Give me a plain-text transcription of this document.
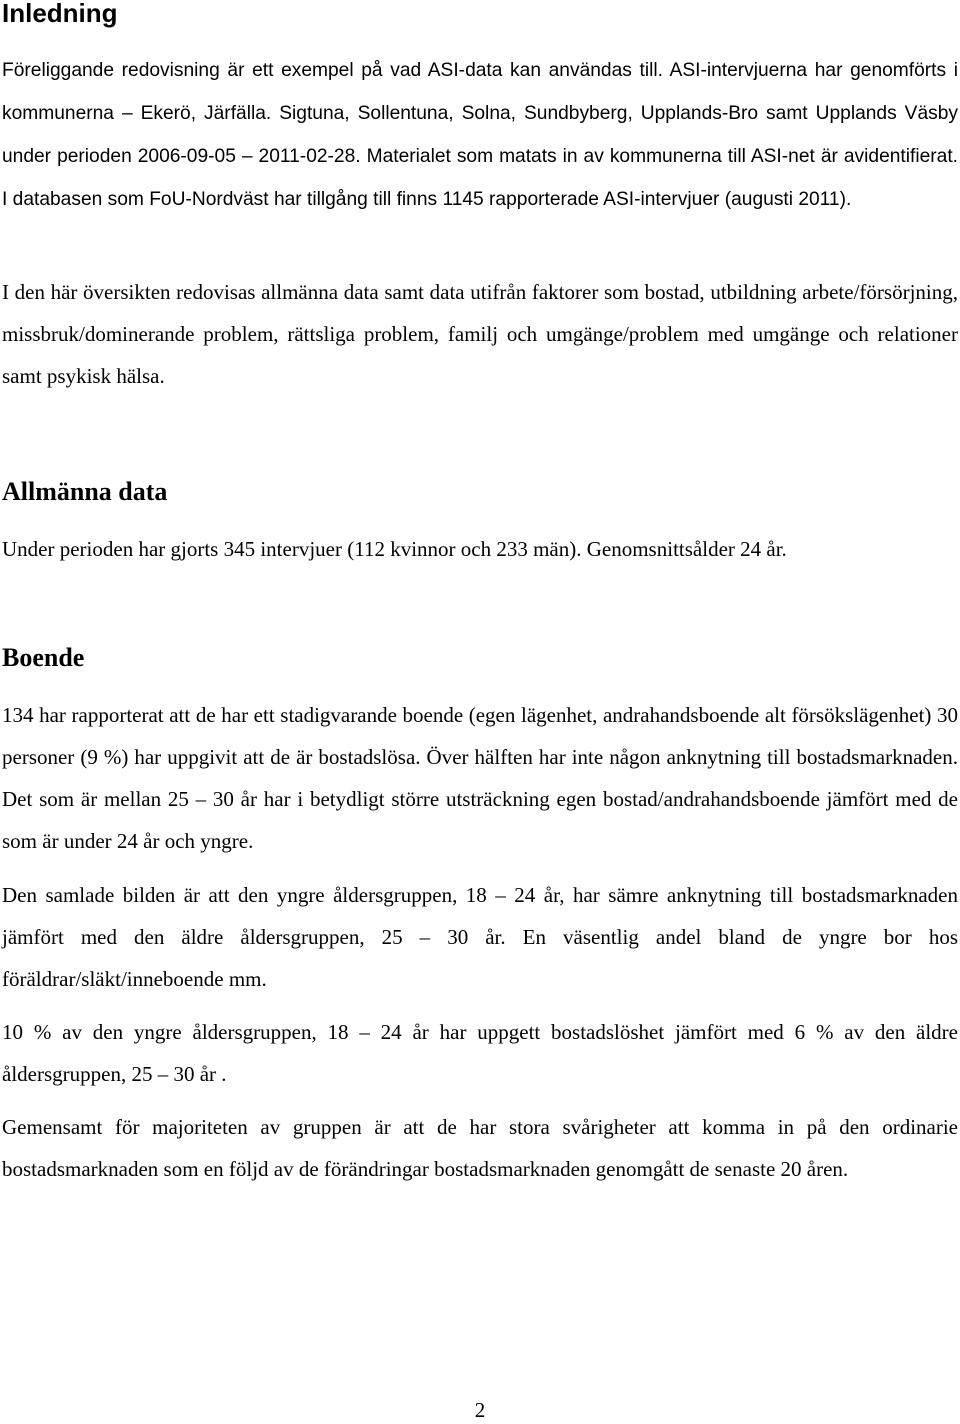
Inledning

Föreliggande redovisning är ett exempel på vad ASI-data kan användas till. ASI-intervjuerna har genomförts i kommunerna – Ekerö, Järfälla. Sigtuna, Sollentuna, Solna, Sundbyberg, Upplands-Bro samt Upplands Väsby under perioden 2006-09-05 – 2011-02-28. Materialet som matats in av kommunerna till ASI-net är avidentifierat. I databasen som FoU-Nordväst har tillgång till finns 1145 rapporterade ASI-intervjuer (augusti 2011).

I den här översikten redovisas allmänna data samt data utifrån faktorer som bostad, utbildning arbete/försörjning, missbruk/dominerande problem, rättsliga problem, familj och umgänge/problem med umgänge och relationer samt psykisk hälsa.

Allmänna data

Under perioden har gjorts 345 intervjuer (112 kvinnor och 233 män). Genomsnittsålder 24 år.

Boende

134 har rapporterat att de har ett stadigvarande boende (egen lägenhet, andrahandsboende alt försökslägenhet) 30 personer (9 %) har uppgivit att de är bostadslösa. Över hälften har inte någon anknytning till bostadsmarknaden. Det som är mellan 25 – 30 år har i betydligt större utsträckning egen bostad/andrahandsboende jämfört med de som är under 24 år och yngre.

Den samlade bilden är att den yngre åldersgruppen, 18 – 24 år, har sämre anknytning till bostadsmarknaden jämfört med den äldre åldersgruppen, 25 – 30 år. En väsentlig andel bland de yngre bor hos föräldrar/släkt/inneboende mm.

10 % av den yngre åldersgruppen, 18 – 24 år har uppgett bostadslöshet jämfört med 6 % av den äldre åldersgruppen, 25 – 30 år .

Gemensamt för majoriteten av gruppen är att de har stora svårigheter att komma in på den ordinarie bostadsmarknaden som en följd av de förändringar bostadsmarknaden genomgått de senaste 20 åren.

2
